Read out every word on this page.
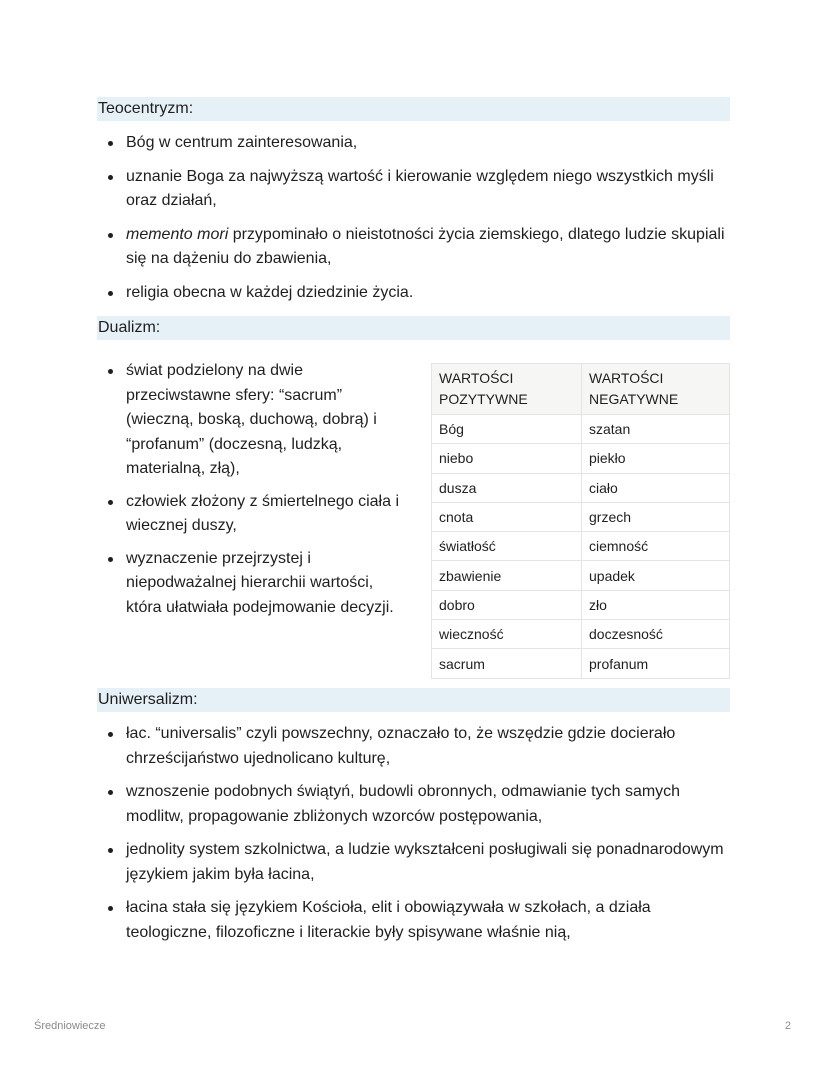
Teocentryzm:
Bóg w centrum zainteresowania,
uznanie Boga za najwyższą wartość i kierowanie względem niego wszystkich myśli oraz działań,
memento mori przypominało o nieistotności życia ziemskiego, dlatego ludzie skupiali się na dążeniu do zbawienia,
religia obecna w każdej dziedzinie życia.
Dualizm:
świat podzielony na dwie przeciwstawne sfery: “sacrum” (wieczną, boską, duchową, dobrą) i “profanum” (doczesną, ludzką, materialną, złą),
człowiek złożony z śmiertelnego ciała i wiecznej duszy,
wyznaczenie przejrzystej i niepodważalnej hierarchii wartości, która ułatwiała podejmowanie decyzji.
WARTOŚCI POZYTYWNE	WARTOŚCI NEGATYWNE
Bóg	szatan
niebo	piekło
dusza	ciało
cnota	grzech
światłość	ciemność
zbawienie	upadek
dobro	zło
wieczność	doczesność
sacrum	profanum
Uniwersalizm:
łac. “universalis” czyli powszechny, oznaczało to, że wszędzie gdzie docierało chrześcijaństwo ujednolicano kulturę,
wznoszenie podobnych świątyń, budowli obronnych, odmawianie tych samych modlitw, propagowanie zbliżonych wzorców postępowania,
jednolity system szkolnictwa, a ludzie wykształceni posługiwali się ponadnarodowym językiem jakim była łacina,
łacina stała się językiem Kościoła, elit i obowiązywała w szkołach, a działa teologiczne, filozoficzne i literackie były spisywane właśnie nią,
Średniowiecze	2
